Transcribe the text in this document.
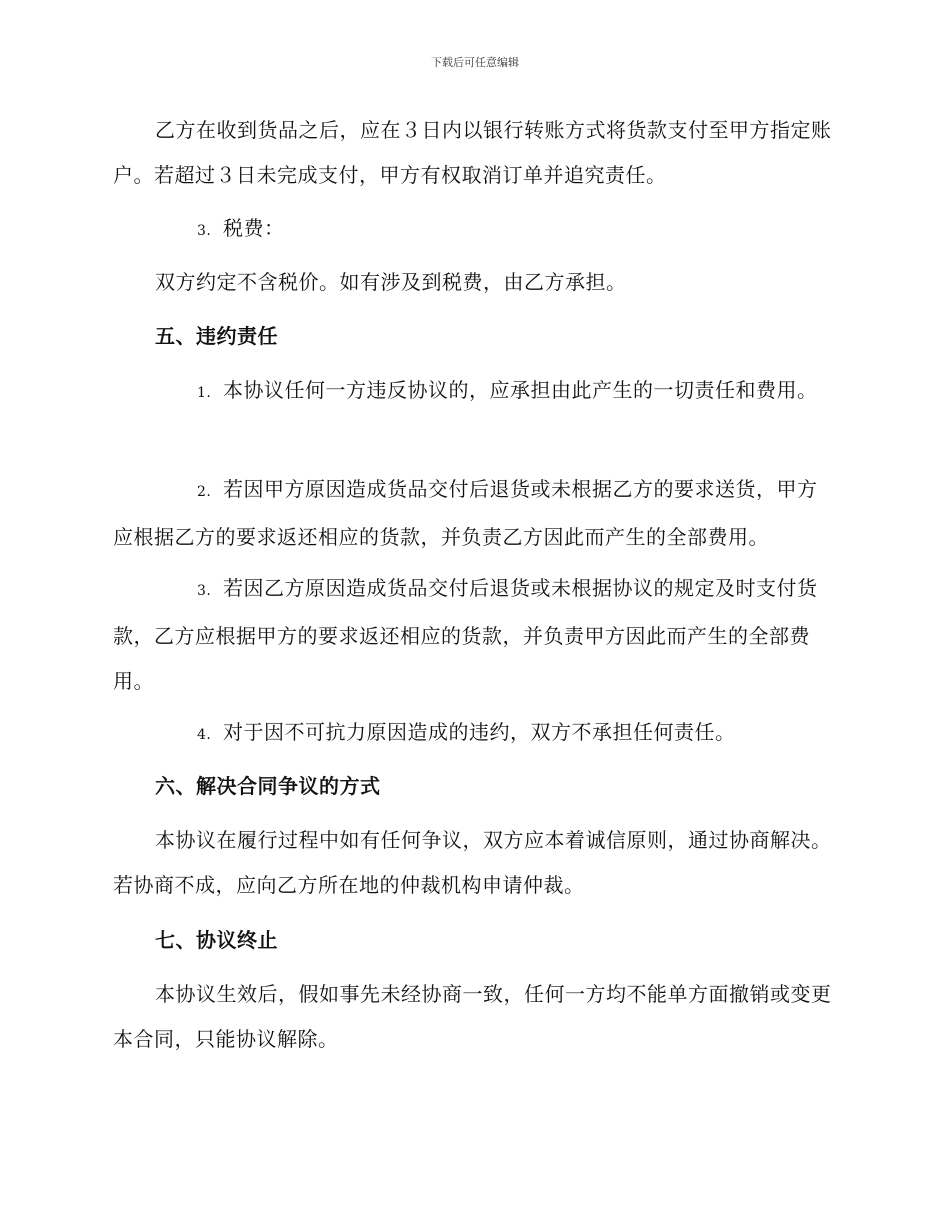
下载后可任意编辑

乙方在收到货品之后，应在３日内以银行转账方式将货款支付至甲方指定账户。若超过３日未完成支付，甲方有权取消订单并追究责任。

3. 税费：

双方约定不含税价。如有涉及到税费，由乙方承担。

五、违约责任

1. 本协议任何一方违反协议的，应承担由此产生的一切责任和费用。

2. 若因甲方原因造成货品交付后退货或未根据乙方的要求送货，甲方应根据乙方的要求返还相应的货款，并负责乙方因此而产生的全部费用。

3. 若因乙方原因造成货品交付后退货或未根据协议的规定及时支付货款，乙方应根据甲方的要求返还相应的货款，并负责甲方因此而产生的全部费用。

4. 对于因不可抗力原因造成的违约，双方不承担任何责任。

六、解决合同争议的方式

本协议在履行过程中如有任何争议，双方应本着诚信原则，通过协商解决。若协商不成，应向乙方所在地的仲裁机构申请仲裁。

七、协议终止

本协议生效后，假如事先未经协商一致，任何一方均不能单方面撤销或变更本合同，只能协议解除。
